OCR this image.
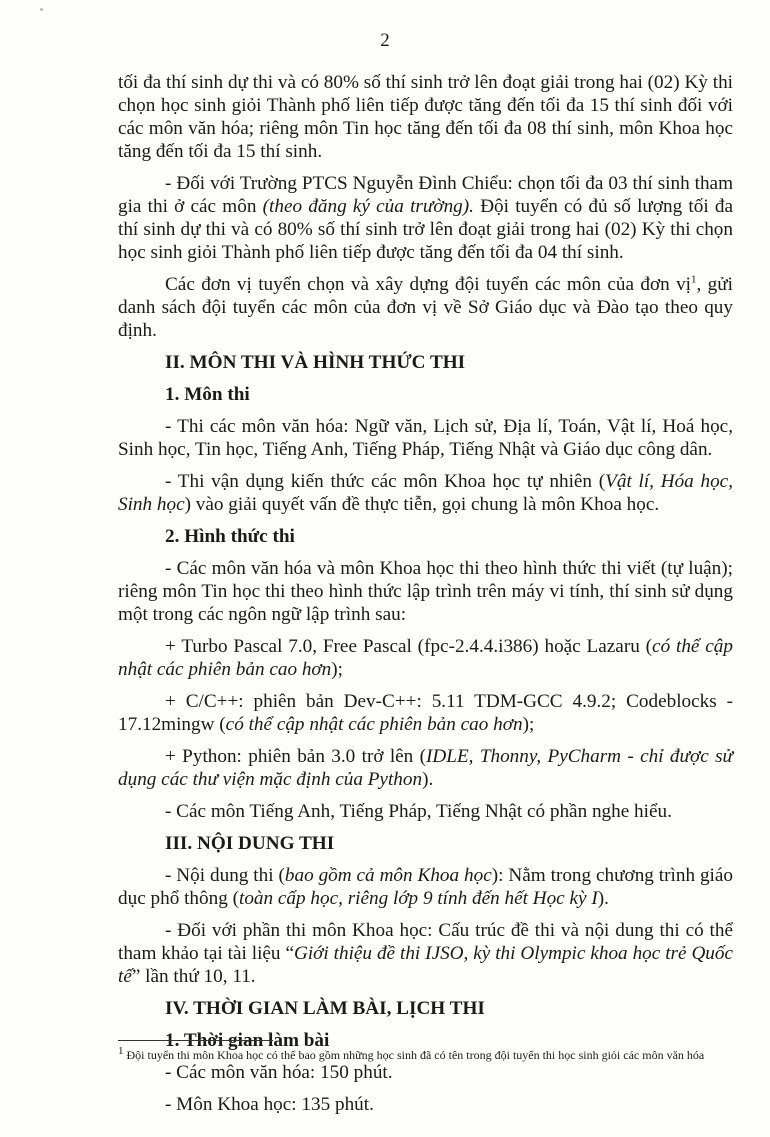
2

tối đa thí sinh dự thi và có 80% số thí sinh trở lên đoạt giải trong hai (02) Kỳ thi chọn học sinh giỏi Thành phố liên tiếp được tăng đến tối đa 15 thí sinh đối với các môn văn hóa; riêng môn Tin học tăng đến tối đa 08 thí sinh, môn Khoa học tăng đến tối đa 15 thí sinh.

- Đối với Trường PTCS Nguyễn Đình Chiểu: chọn tối đa 03 thí sinh tham gia thi ở các môn (theo đăng ký của trường). Đội tuyển có đủ số lượng tối đa thí sinh dự thi và có 80% số thí sinh trở lên đoạt giải trong hai (02) Kỳ thi chọn học sinh giỏi Thành phố liên tiếp được tăng đến tối đa 04 thí sinh.

Các đơn vị tuyển chọn và xây dựng đội tuyển các môn của đơn vị$^1$, gửi danh sách đội tuyển các môn của đơn vị về Sở Giáo dục và Đào tạo theo quy định.

II. MÔN THI VÀ HÌNH THỨC THI

1. Môn thi

- Thi các môn văn hóa: Ngữ văn, Lịch sử, Địa lí, Toán, Vật lí, Hoá học, Sinh học, Tin học, Tiếng Anh, Tiếng Pháp, Tiếng Nhật và Giáo dục công dân.

- Thi vận dụng kiến thức các môn Khoa học tự nhiên (Vật lí, Hóa học, Sinh học) vào giải quyết vấn đề thực tiễn, gọi chung là môn Khoa học.

2. Hình thức thi

- Các môn văn hóa và môn Khoa học thi theo hình thức thi viết (tự luận); riêng môn Tin học thi theo hình thức lập trình trên máy vi tính, thí sinh sử dụng một trong các ngôn ngữ lập trình sau:

+ Turbo Pascal 7.0, Free Pascal (fpc-2.4.4.i386) hoặc Lazaru (có thể cập nhật các phiên bản cao hơn);

+ C/C++: phiên bản Dev-C++: 5.11 TDM-GCC 4.9.2; Codeblocks - 17.12mingw (có thể cập nhật các phiên bản cao hơn);

+ Python: phiên bản 3.0 trở lên (IDLE, Thonny, PyCharm - chỉ được sử dụng các thư viện mặc định của Python).

- Các môn Tiếng Anh, Tiếng Pháp, Tiếng Nhật có phần nghe hiểu.

III. NỘI DUNG THI

- Nội dung thi (bao gồm cả môn Khoa học): Nằm trong chương trình giáo dục phổ thông (toàn cấp học, riêng lớp 9 tính đến hết Học kỳ I).

- Đối với phần thi môn Khoa học: Cấu trúc đề thi và nội dung thi có thể tham khảo tại tài liệu “Giới thiệu đề thi IJSO, kỳ thi Olympic khoa học trẻ Quốc tế” lần thứ 10, 11.

IV. THỜI GIAN LÀM BÀI, LỊCH THI

1. Thời gian làm bài

- Các môn văn hóa: 150 phút.

- Môn Khoa học: 135 phút.

$^1$ Đội tuyển thi môn Khoa học có thể bao gồm những học sinh đã có tên trong đội tuyển thi học sinh giỏi các môn văn hóa
